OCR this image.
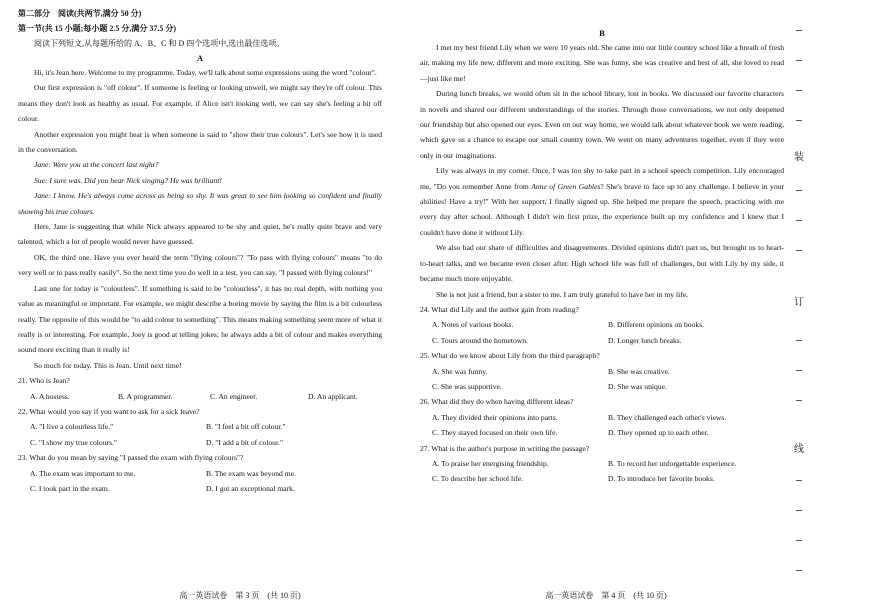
第二部分　阅读(共两节,满分 50 分)
第一节(共 15 小题;每小题 2.5 分,满分 37.5 分)
阅读下列短文,从每题所给的 A、B、C 和 D 四个选项中,选出最佳选项。
A

Hi, it's Jean here. Welcome to my programme. Today, we'll talk about some expressions using the word "colour".

Our first expression is "off colour". If someone is feeling or looking unwell, we might say they're off colour. This means they don't look as healthy as usual. For example, if Alice isn't looking well, we can say she's feeling a bit off colour.

Another expression you might hear is when someone is said to "show their true colours". Let's see how it is used in the conversation.

Jane: Were you at the concert last night?

Sue: I sure was. Did you hear Nick singing? He was brilliant!

Jane: I know. He's always come across as being so shy. It was great to see him looking so confident and finally showing his true colours.

Here, Jane is suggesting that while Nick always appeared to be shy and quiet, he's really quite brave and very talented, which a lot of people would never have guessed.

OK, the third one. Have you ever heard the term "flying colours"? "To pass with flying colours" means "to do very well or to pass really easily". So the next time you do well in a test, you can say, "I passed with flying colours!"

Last one for today is "colourless". If something is said to be "colourless", it has no real depth, with nothing you value as meaningful or important. For example, we might describe a boring movie by saying the film is a bit colourless really. The opposite of this would be "to add colour to something". This means making something seem more of what it really is or interesting. For example, Joey is good at telling jokes; he always adds a bit of colour and makes everything sound more exciting than it really is!

So much for today. This is Jean. Until next time!

21. Who is Jean?

A. A hostess.	B. A programmer.	C. An engineer.	D. An applicant.

22. What would you say if you want to ask for a sick leave?

A. "I live a colourless life."	B. "I feel a bit off colour."
C. "I show my true colours."	D. "I add a bit of colour."

23. What do you mean by saying "I passed the exam with flying colours"?

A. The exam was important to me.	B. The exam was beyond me.
C. I took part in the exam.	D. I got an exceptional mark.
高一英语试卷　第 3 页　(共 10 页)
B

I met my best friend Lily when we were 10 years old. She came into our little country school like a breath of fresh air, making my life new, different and more exciting. She was funny, she was creative and best of all, she loved to read—just like me!

During lunch breaks, we would often sit in the school library, lost in books. We discussed our favorite characters in novels and shared our different understandings of the stories. Through those conversations, we not only deepened our friendship but also opened our eyes. Even on our way home, we would talk about whatever book we were reading, which gave us a chance to escape our small country town. We went on many adventures together, even if they were only in our imaginations.

Lily was always in my corner. Once, I was too shy to take part in a school speech competition. Lily encouraged me, "Do you remember Anne from Anne of Green Gables? She's brave to face up to any challenge. I believe in your abilities! Have a try!" With her support, I finally signed up. She helped me prepare the speech, practicing with me every day after school. Although I didn't win first prize, the experience built up my confidence and I knew that I couldn't have done it without Lily.

We also had our share of difficulties and disagreements. Divided opinions didn't part us, but brought us to heart-to-heart talks, and we became even closer after. High school life was full of challenges, but with Lily by my side, it became much more enjoyable.

She is not just a friend, but a sister to me. I am truly grateful to have her in my life.

24. What did Lily and the author gain from reading?

A. Notes of various books.	B. Different opinions on books.
C. Tours around the hometown.	D. Longer lunch breaks.

25. What do we know about Lily from the third paragraph?

A. She was funny.	B. She was creative.
C. She was supportive.	D. She was unique.

26. What did they do when having different ideas?

A. They divided their opinions into parts.	B. They challenged each other's views.
C. They stayed focused on their own life.	D. They opened up to each other.

27. What is the author's purpose in writing the passage?

A. To praise her energising friendship.	B. To record her unforgettable experience.
C. To describe her school life.	D. To introduce her favorite books.
高一英语试卷　第 4 页　(共 10 页)
装
订
线
